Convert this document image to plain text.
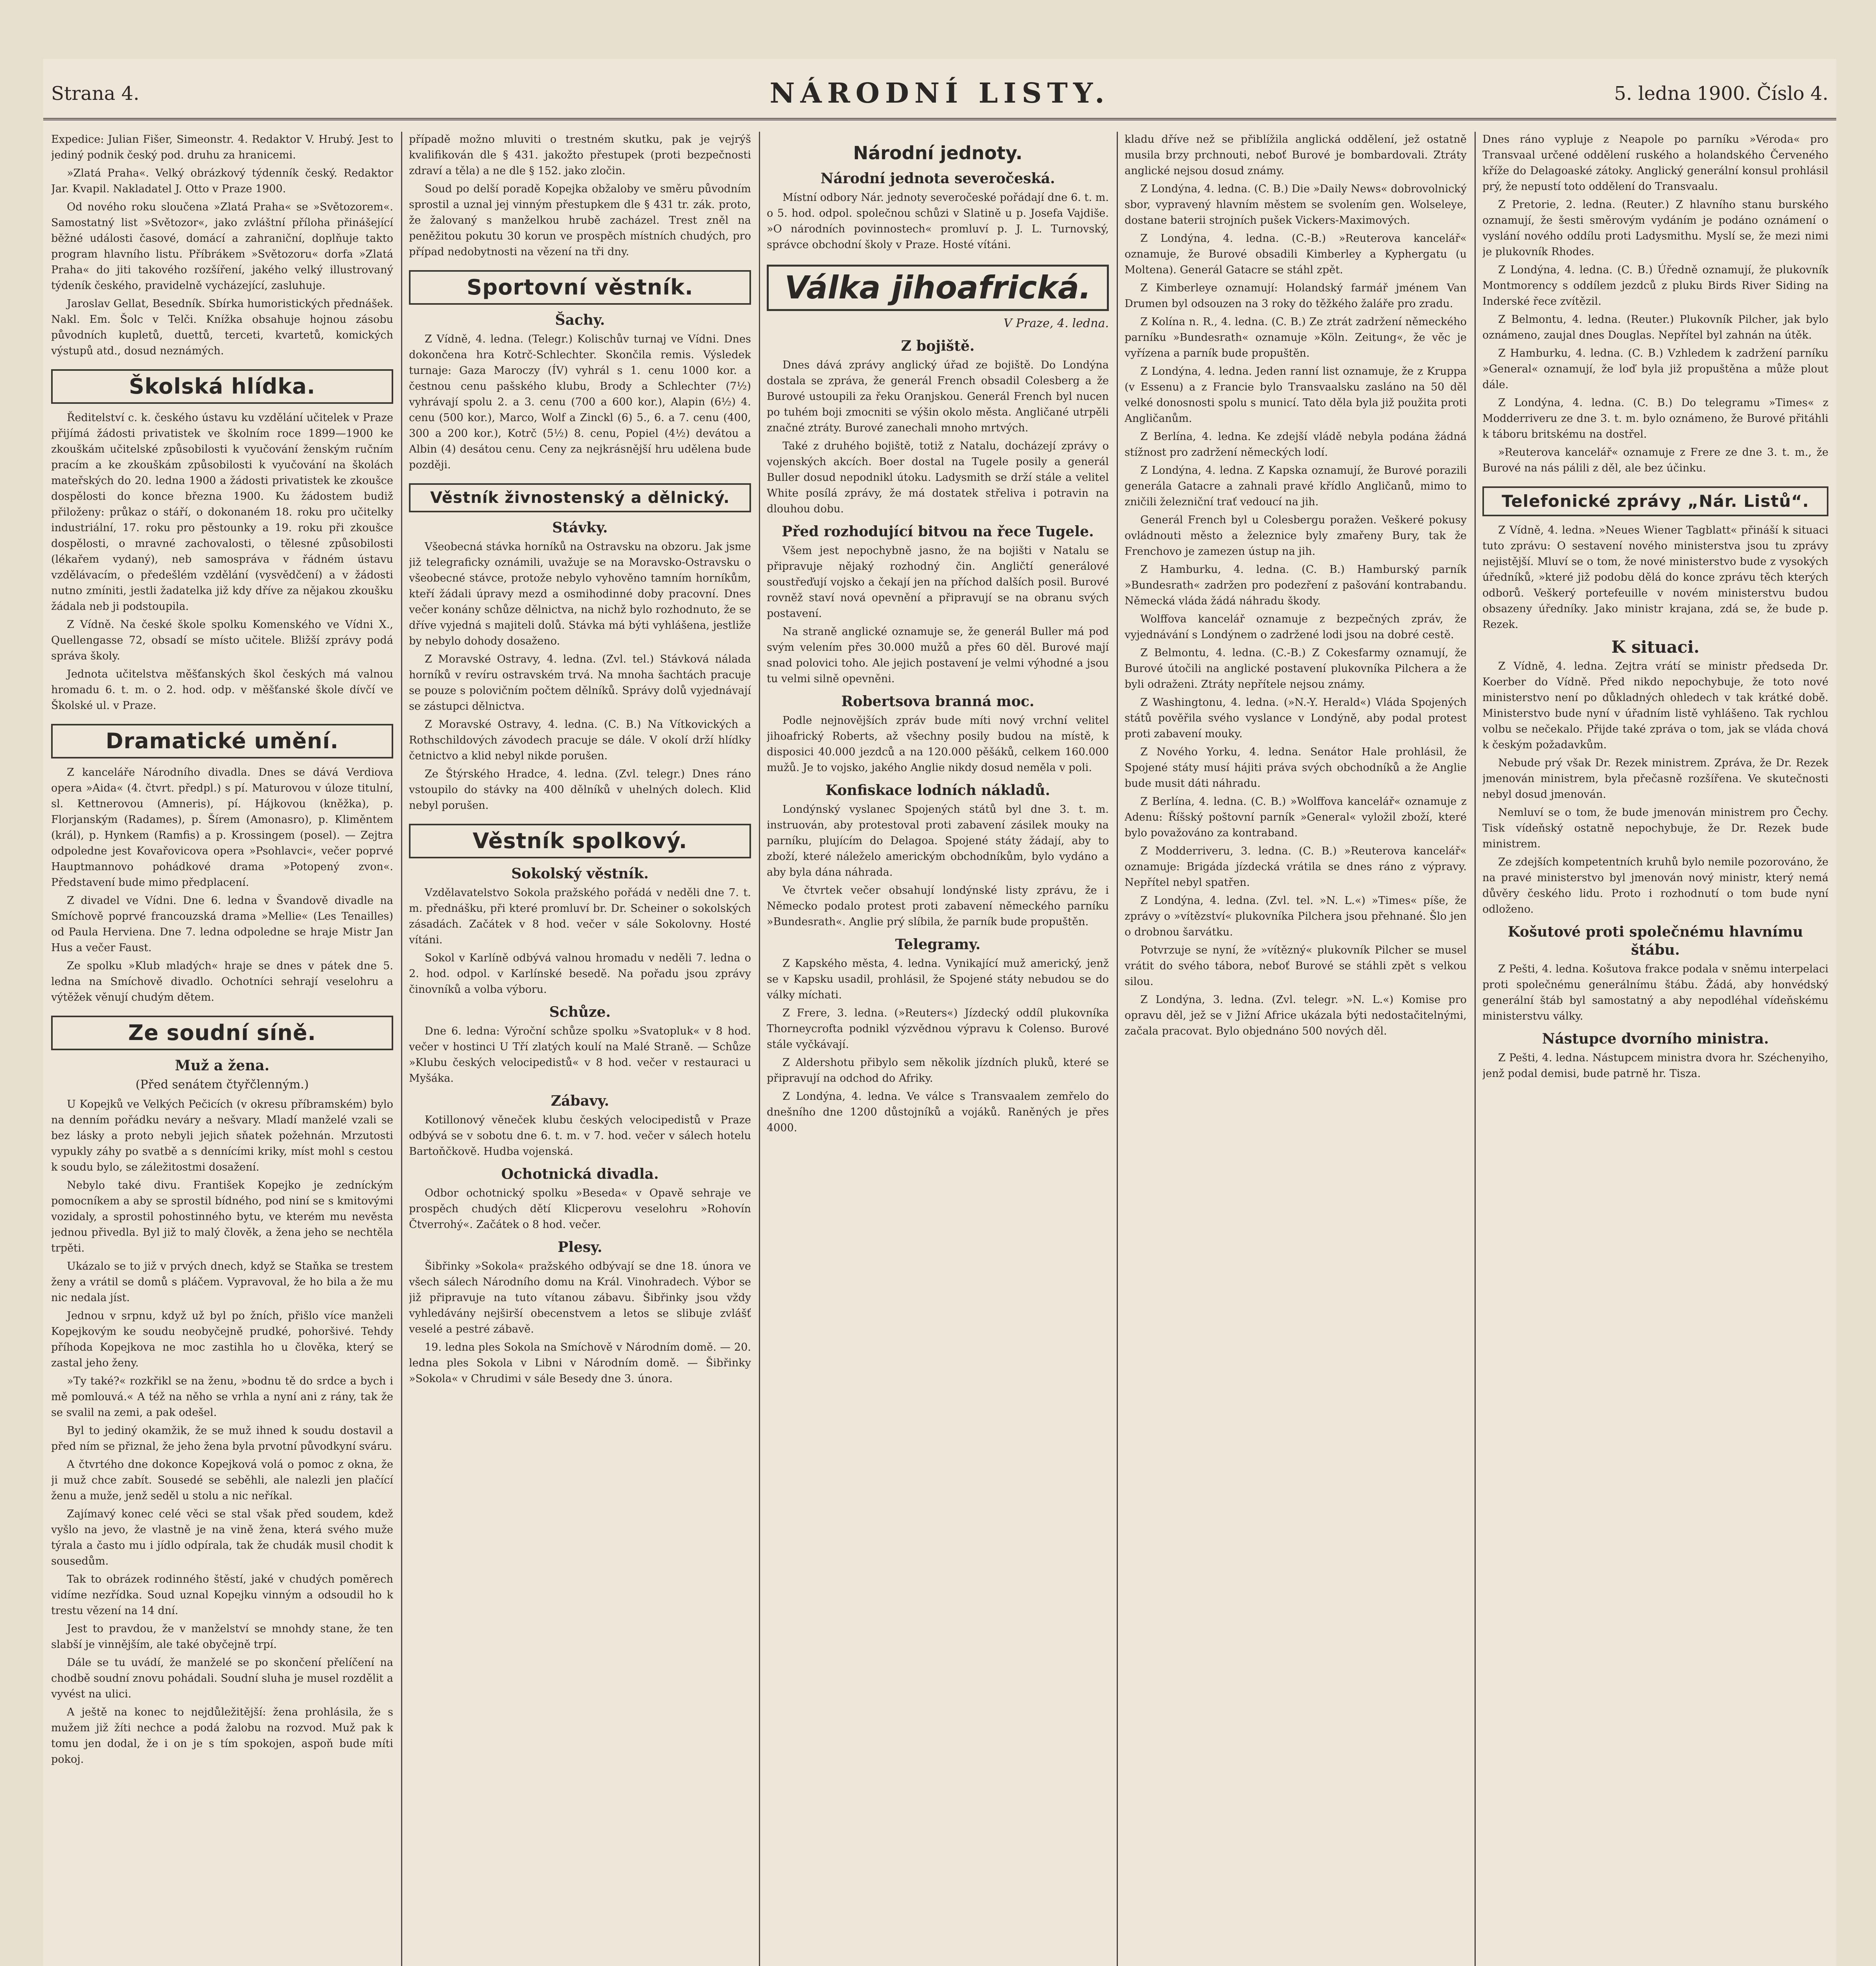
Strana 4.	NÁRODNÍ LISTY.	5. ledna 1900. Číslo 4.

Expedice: Julian Fišer, Simeonstr. 4. Redaktor V. Hrubý. Jest to jediný podnik český pod. druhu za hranicemi.

»Zlatá Praha«. Velký obrázkový týdenník český. Redaktor Jar. Kvapil. Nakladatel J. Otto v Praze 1900.

Od nového roku sloučena »Zlatá Praha« se »Světozorem«. Samostatný list »Světozor«, jako zvláštní příloha přinášející běžné události časové, domácí a zahraniční, doplňuje takto program hlavního listu. Příbrákem »Světozoru« dorfa »Zlatá Praha« do jiti takového rozšíření, jakého velký illustrovaný týdeník českého, pravidelně vycházející, zasluhuje.

Jaroslav Gellat, Besedník. Sbírka humoristických přednášek. Nakl. Em. Šolc v Telči. Knížka obsahuje hojnou zásobu původních kupletů, duettů, terceti, kvartetů, komických výstupů atd., dosud neznámých.

Školská hlídka.

Ředitelství c. k. českého ústavu ku vzdělání učitelek v Praze přijímá žádosti privatistek ve školním roce 1899—1900 ke zkouškám učitelské způsobilosti k vyučování ženským ručním pracím a ke zkouškám způsobilosti k vyučování na školách mateřských do 20. ledna 1900 a žádosti privatistek ke zkoušce dospělosti do konce března 1900. Ku žádostem budiž přiloženy: průkaz o stáří, o dokonaném 18. roku pro učitelky industriální, 17. roku pro pěstounky a 19. roku při zkoušce dospělosti, o mravné zachovalosti, o tělesné způsobilosti (lékařem vydaný), neb samospráva v řádném ústavu vzdělávacím, o předešlém vzdělání (vysvědčení) a v žádosti nutno zmíniti, jestli žadatelka již kdy dříve za nějakou zkoušku žádala neb ji podstoupila.

Z Vídně. Na české škole spolku Komenského ve Vídni X., Quellengasse 72, obsadí se místo učitele. Bližší zprávy podá správa školy.

Jednota učitelstva měšťanských škol českých má valnou hromadu 6. t. m. o 2. hod. odp. v měšťanské škole dívčí ve Školské ul. v Praze.

Dramatické umění.

Z kanceláře Národního divadla. Dnes se dává Verdiova opera »Aida« (4. čtvrt. předpl.) s pí. Maturovou v úloze titulní, sl. Kettnerovou (Amneris), pí. Hájkovou (kněžka), p. Florjanským (Radames), p. Šírem (Amonasro), p. Kliměntem (král), p. Hynkem (Ramfis) a p. Krossingem (posel). — Zejtra odpoledne jest Kovařovicova opera »Psohlavci«, večer poprvé Hauptmannovo pohádkové drama »Potopený zvon«. Představení bude mimo předplacení.

Z divadel ve Vídni. Dne 6. ledna v Švandově divadle na Smíchově poprvé francouzská drama »Mellie« (Les Tenailles) od Paula Herviena. Dne 7. ledna odpoledne se hraje Mistr Jan Hus a večer Faust.

Ze spolku »Klub mladých« hraje se dnes v pátek dne 5. ledna na Smíchově divadlo. Ochotníci sehrají veselohru a výtěžek věnují chudým dětem.

Ze soudní síně.
Muž a žena.
(Před senátem čtyřčlenným.)

U Kopejků ve Velkých Pečicích (v okresu příbramském) bylo na denním pořádku neváry a nešvary. Mladí manželé vzali se bez lásky a proto nebyli jejich sňatek požehnán. Mrzutosti vypukly záhy po svatbě a s dennícími kriky, míst mohl s cestou k soudu bylo, se záležitostmi dosažení.

Nebylo také divu. František Kopejko je zedníckým pomocníkem a aby se sprostil bídného, pod niní se s kmitovými vozidaly, a sprostil pohostinného bytu, ve kterém mu nevěsta jednou přivedla. Byl již to malý člověk, a žena jeho se nechtěla trpěti.

Ukázalo se to již v prvých dnech, když se Staňka se trestem ženy a vrátil se domů s pláčem. Vypravoval, že ho bila a že mu nic nedala jíst.

Jednou v srpnu, když už byl po žních, přišlo více manželi Kopejkovým ke soudu neobyčejně prudké, pohoršivé. Tehdy příhoda Kopejkova ne moc zastihla ho u člověka, který se zastal jeho ženy.

»Ty také?« rozkřikl se na ženu, »bodnu tě do srdce a bych i mě pomlouvá.« A též na něho se vrhla a nyní ani z rány, tak že se svalil na zemi, a pak odešel.

Byl to jediný okamžik, že se muž ihned k soudu dostavil a před ním se přiznal, že jeho žena byla prvotní původkyní sváru.

A čtvrtého dne dokonce Kopejková volá o pomoc z okna, že ji muž chce zabít. Sousedé se seběhli, ale nalezli jen plačící ženu a muže, jenž seděl u stolu a nic neříkal.

Zajímavý konec celé věci se stal však před soudem, kdež vyšlo na jevo, že vlastně je na vině žena, která svého muže týrala a často mu i jídlo odpírala, tak že chudák musil chodit k sousedům.

Tak to obrázek rodinného štěstí, jaké v chudých poměrech vidíme nezřídka. Soud uznal Kopejku vinným a odsoudil ho k trestu vězení na 14 dní.

Jest to pravdou, že v manželství se mnohdy stane, že ten slabší je vinnějším, ale také obyčejně trpí.

Dále se tu uvádí, že manželé se po skončení přelíčení na chodbě soudní znovu pohádali. Soudní sluha je musel rozdělit a vyvést na ulici.

A ještě na konec to nejdůležitější: žena prohlásila, že s mužem již žíti nechce a podá žalobu na rozvod. Muž pak k tomu jen dodal, že i on je s tím spokojen, aspoň bude míti pokoj.

případě možno mluviti o trestném skutku, pak je vejrýš kvalifikován dle § 431. jakožto přestupek (proti bezpečnosti zdraví a těla) a ne dle § 152. jako zločin.

Soud po delší poradě Kopejka obžaloby ve směru původním sprostil a uznal jej vinným přestupkem dle § 431 tr. zák. proto, že žalovaný s manželkou hrubě zacházel. Trest zněl na peněžitou pokutu 30 korun ve prospěch místních chudých, pro případ nedobytnosti na vězení na tři dny.

Sportovní věstník.
Šachy.

Z Vídně, 4. ledna. (Telegr.) Kolischův turnaj ve Vídni. Dnes dokončena hra Kotrč-Schlechter. Skončila remis. Výsledek turnaje: Gaza Maroczy (ÍV) vyhrál s 1. cenu 1000 kor. a čestnou cenu pašského klubu, Brody a Schlechter (7½) vyhrávají spolu 2. a 3. cenu (700 a 600 kor.), Alapin (6½) 4. cenu (500 kor.), Marco, Wolf a Zinckl (6) 5., 6. a 7. cenu (400, 300 a 200 kor.), Kotrč (5½) 8. cenu, Popiel (4½) devátou a Albin (4) desátou cenu. Ceny za nejkrásnější hru udělena bude později.

Věstník živnostenský a dělnický.
Stávky.

Všeobecná stávka horníků na Ostravsku na obzoru. Jak jsme již telegraficky oznámili, uvažuje se na Moravsko-Ostravsku o všeobecné stávce, protože nebylo vyhověno tamním horníkům, kteří žádali úpravy mezd a osmihodinné doby pracovní. Dnes večer konány schůze dělnictva, na nichž bylo rozhodnuto, že se dříve vyjedná s majiteli dolů. Stávka má býti vyhlášena, jestliže by nebylo dohody dosaženo.

Z Moravské Ostravy, 4. ledna. (Zvl. tel.) Stávková nálada horníků v revíru ostravském trvá. Na mnoha šachtách pracuje se pouze s polovičním počtem dělníků. Správy dolů vyjednávají se zástupci dělnictva.

Z Moravské Ostravy, 4. ledna. (C. B.) Na Vítkovických a Rothschildových závodech pracuje se dále. V okolí drží hlídky četnictvo a klid nebyl nikde porušen.

Ze Štýrského Hradce, 4. ledna. (Zvl. telegr.) Dnes ráno vstoupilo do stávky na 400 dělníků v uhelných dolech. Klid nebyl porušen.

Věstník spolkový.
Sokolský věstník.

Vzdělavatelstvo Sokola pražského pořádá v neděli dne 7. t. m. přednášku, při které promluví br. Dr. Scheiner o sokolských zásadách. Začátek v 8 hod. večer v sále Sokolovny. Hosté vítáni.

Sokol v Karlíně odbývá valnou hromadu v neděli 7. ledna o 2. hod. odpol. v Karlínské besedě. Na pořadu jsou zprávy činovníků a volba výboru.

Schůze.

Dne 6. ledna: Výroční schůze spolku »Svatopluk« v 8 hod. večer v hostinci U Tří zlatých koulí na Malé Straně. — Schůze »Klubu českých velocipedistů« v 8 hod. večer v restauraci u Myšáka.

Zábavy.

Kotillonový věneček klubu českých velocipedistů v Praze odbývá se v sobotu dne 6. t. m. v 7. hod. večer v sálech hotelu Bartoňčkově. Hudba vojenská.

Ochotnická divadla.

Odbor ochotnický spolku »Beseda« v Opavě sehraje ve prospěch chudých dětí Klicperovu veselohru »Rohovín Čtverrohý«. Začátek o 8 hod. večer.

Plesy.

Šibřinky »Sokola« pražského odbývají se dne 18. února ve všech sálech Národního domu na Král. Vinohradech. Výbor se již připravuje na tuto vítanou zábavu. Šibřinky jsou vždy vyhledávány nejširší obecenstvem a letos se slibuje zvlášť veselé a pestré zábavě.

19. ledna ples Sokola na Smíchově v Národním domě. — 20. ledna ples Sokola v Libni v Národním domě. — Šibřinky »Sokola« v Chrudimi v sále Besedy dne 3. února.

Národní jednoty.
Národní jednota severočeská.

Místní odbory Nár. jednoty severočeské pořádají dne 6. t. m. o 5. hod. odpol. společnou schůzi v Slatině u p. Josefa Vajdiše. »O národních povinnostech« promluví p. J. L. Turnovský, správce obchodní školy v Praze. Hosté vítáni.

Válka jihoafrická.
V Praze, 4. ledna.
Z bojiště.

Dnes dává zprávy anglický úřad ze bojiště. Do Londýna dostala se zpráva, že generál French obsadil Colesberg a že Burové ustoupili za řeku Oranjskou. Generál French byl nucen po tuhém boji zmocniti se výšin okolo města. Angličané utrpěli značné ztráty. Burové zanechali mnoho mrtvých.

Také z druhého bojiště, totiž z Natalu, docházejí zprávy o vojenských akcích. Boer dostal na Tugele posily a generál Buller dosud nepodnikl útoku. Ladysmith se drží stále a velitel White posílá zprávy, že má dostatek střeliva i potravin na dlouhou dobu.

Před rozhodující bitvou na řece Tugele.

Všem jest nepochybně jasno, že na bojišti v Natalu se připravuje nějaký rozhodný čin. Angličtí generálové soustřeďují vojsko a čekají jen na příchod dalších posil. Burové rovněž staví nová opevnění a připravují se na obranu svých postavení.

Na straně anglické oznamuje se, že generál Buller má pod svým velením přes 30.000 mužů a přes 60 děl. Burové mají snad polovici toho. Ale jejich postavení je velmi výhodné a jsou tu velmi silně opevněni.

Robertsova branná moc.

Podle nejnovějších zpráv bude míti nový vrchní velitel jihoafrický Roberts, až všechny posily budou na místě, k disposici 40.000 jezdců a na 120.000 pěšáků, celkem 160.000 mužů. Je to vojsko, jakého Anglie nikdy dosud neměla v poli.

Konfiskace lodních nákladů.

Londýnský vyslanec Spojených států byl dne 3. t. m. instruován, aby protestoval proti zabavení zásilek mouky na parníku, plujícím do Delagoa. Spojené státy žádají, aby to zboží, které náleželo americkým obchodníkům, bylo vydáno a aby byla dána náhrada.

Ve čtvrtek večer obsahují londýnské listy zprávu, že i Německo podalo protest proti zabavení německého parníku »Bundesrath«. Anglie prý slíbila, že parník bude propuštěn.

Telegramy.

Z Kapského města, 4. ledna. Vynikající muž americký, jenž se v Kapsku usadil, prohlásil, že Spojené státy nebudou se do války míchati.

Z Frere, 3. ledna. (»Reuters«) Jízdecký oddíl plukovníka Thorneycrofta podnikl výzvědnou výpravu k Colenso. Burové stále vyčkávají.

Z Aldershotu přibylo sem několik jízdních pluků, které se připravují na odchod do Afriky.

Z Londýna, 4. ledna. Ve válce s Transvaalem zemřelo do dnešního dne 1200 důstojníků a vojáků. Raněných je přes 4000.

kladu dříve než se přiblížila anglická oddělení, jež ostatně musila brzy prchnouti, neboť Burové je bombardovali. Ztráty anglické nejsou dosud známy.

Z Londýna, 4. ledna. (C. B.) Die »Daily News« dobrovolnický sbor, vypravený hlavním městem se svolením gen. Wolseleye, dostane baterii strojních pušek Vickers-Maximových.

Z Londýna, 4. ledna. (C.-B.) »Reuterova kancelář« oznamuje, že Burové obsadili Kimberley a Kyphergatu (u Moltena). Generál Gatacre se stáhl zpět.

Z Kimberleye oznamují: Holandský farmář jménem Van Drumen byl odsouzen na 3 roky do těžkého žaláře pro zradu.

Z Kolína n. R., 4. ledna. (C. B.) Ze ztrát zadržení německého parníku »Bundesrath« oznamuje »Köln. Zeitung«, že věc je vyřízena a parník bude propuštěn.

Z Londýna, 4. ledna. Jeden ranní list oznamuje, že z Kruppa (v Essenu) a z Francie bylo Transvaalsku zasláno na 50 děl velké donosnosti spolu s municí. Tato děla byla již použita proti Angličanům.

Z Berlína, 4. ledna. Ke zdejší vládě nebyla podána žádná stížnost pro zadržení německých lodí.

Z Londýna, 4. ledna. Z Kapska oznamují, že Burové porazili generála Gatacre a zahnali pravé křídlo Angličanů, mimo to zničili železniční trať vedoucí na jih.

Generál French byl u Colesbergu poražen. Veškeré pokusy ovládnouti město a železnice byly zmařeny Bury, tak že Frenchovo je zamezen ústup na jih.

Z Hamburku, 4. ledna. (C. B.) Hamburský parník »Bundesrath« zadržen pro podezření z pašování kontrabandu. Německá vláda žádá náhradu škody.

Wolffova kancelář oznamuje z bezpečných zpráv, že vyjednávání s Londýnem o zadržené lodi jsou na dobré cestě.

Z Belmontu, 4. ledna. (C.-B.) Z Cokesfarmy oznamují, že Burové útočili na anglické postavení plukovníka Pilchera a že byli odraženi. Ztráty nepřítele nejsou známy.

Z Washingtonu, 4. ledna. (»N.-Y. Herald«) Vláda Spojených států pověřila svého vyslance v Londýně, aby podal protest proti zabavení mouky.

Z Nového Yorku, 4. ledna. Senátor Hale prohlásil, že Spojené státy musí hájiti práva svých obchodníků a že Anglie bude musit dáti náhradu.

Z Berlína, 4. ledna. (C. B.) »Wolffova kancelář« oznamuje z Adenu: Říšský poštovní parník »General« vyložil zboží, které bylo považováno za kontraband.

Z Modderriveru, 3. ledna. (C. B.) »Reuterova kancelář« oznamuje: Brigáda jízdecká vrátila se dnes ráno z výpravy. Nepřítel nebyl spatřen.

Z Londýna, 4. ledna. (Zvl. tel. »N. L.«) »Times« píše, že zprávy o »vítězství« plukovníka Pilchera jsou přehnané. Šlo jen o drobnou šarvátku.

Potvrzuje se nyní, že »vítězný« plukovník Pilcher se musel vrátit do svého tábora, neboť Burové se stáhli zpět s velkou silou.

Z Londýna, 3. ledna. (Zvl. telegr. »N. L.«) Komise pro opravu děl, jež se v Jižní Africe ukázala býti nedostačitelnými, začala pracovat. Bylo objednáno 500 nových děl.

Dnes ráno vypluje z Neapole po parníku »Véroda« pro Transvaal určené oddělení ruského a holandského Červeného kříže do Delagoaské zátoky. Anglický generální konsul prohlásil prý, že nepustí toto oddělení do Transvaalu.

Z Pretorie, 2. ledna. (Reuter.) Z hlavního stanu burského oznamují, že šesti směrovým vydáním je podáno oznámení o vyslání nového oddílu proti Ladysmithu. Myslí se, že mezi nimi je plukovník Rhodes.

Z Londýna, 4. ledna. (C. B.) Úředně oznamují, že plukovník Montmorency s oddílem jezdců z pluku Birds River Siding na Inderské řece zvítězil.

Z Belmontu, 4. ledna. (Reuter.) Plukovník Pilcher, jak bylo oznámeno, zaujal dnes Douglas. Nepřítel byl zahnán na útěk.

Z Hamburku, 4. ledna. (C. B.) Vzhledem k zadržení parníku »General« oznamují, že loď byla již propuštěna a může plout dále.

Z Londýna, 4. ledna. (C. B.) Do telegramu »Times« z Modderriveru ze dne 3. t. m. bylo oznámeno, že Burové přitáhli k táboru britskému na dostřel.

»Reuterova kancelář« oznamuje z Frere ze dne 3. t. m., že Burové na nás pálili z děl, ale bez účinku.

Telefonické zprávy „Nár. Listů“.

Z Vídně, 4. ledna. »Neues Wiener Tagblatt« přináší k situaci tuto zprávu: O sestavení nového ministerstva jsou tu zprávy nejistější. Mluví se o tom, že nové ministerstvo bude z vysokých úředníků, »které již podobu dělá do konce zprávu těch kterých odborů. Veškerý portefeuille v novém ministerstvu budou obsazeny úředníky. Jako ministr krajana, zdá se, že bude p. Rezek.

K situaci.

Z Vídně, 4. ledna. Zejtra vrátí se ministr předseda Dr. Koerber do Vídně. Před nikdo nepochybuje, že toto nové ministerstvo není po důkladných ohledech v tak krátké době. Ministerstvo bude nyní v úřadním listě vyhlášeno. Tak rychlou volbu se nečekalo. Přijde také zpráva o tom, jak se vláda chová k českým požadavkům.

Nebude prý však Dr. Rezek ministrem. Zpráva, že Dr. Rezek jmenován ministrem, byla přečasně rozšířena. Ve skutečnosti nebyl dosud jmenován.

Nemluví se o tom, že bude jmenován ministrem pro Čechy. Tisk vídeňský ostatně nepochybuje, že Dr. Rezek bude ministrem.

Ze zdejších kompetentních kruhů bylo nemile pozorováno, že na pravé ministerstvo byl jmenován nový ministr, který nemá důvěry českého lidu. Proto i rozhodnutí o tom bude nyní odloženo.

Košutové proti společnému hlavnímu štábu.

Z Pešti, 4. ledna. Košutova frakce podala v sněmu interpelaci proti společnému generálnímu štábu. Žádá, aby honvédský generální štáb byl samostatný a aby nepodléhal vídeňskému ministerstvu války.

Nástupce dvorního ministra.

Z Pešti, 4. ledna. Nástupcem ministra dvora hr. Széchenyiho, jenž podal demisi, bude patrně hr. Tisza.
